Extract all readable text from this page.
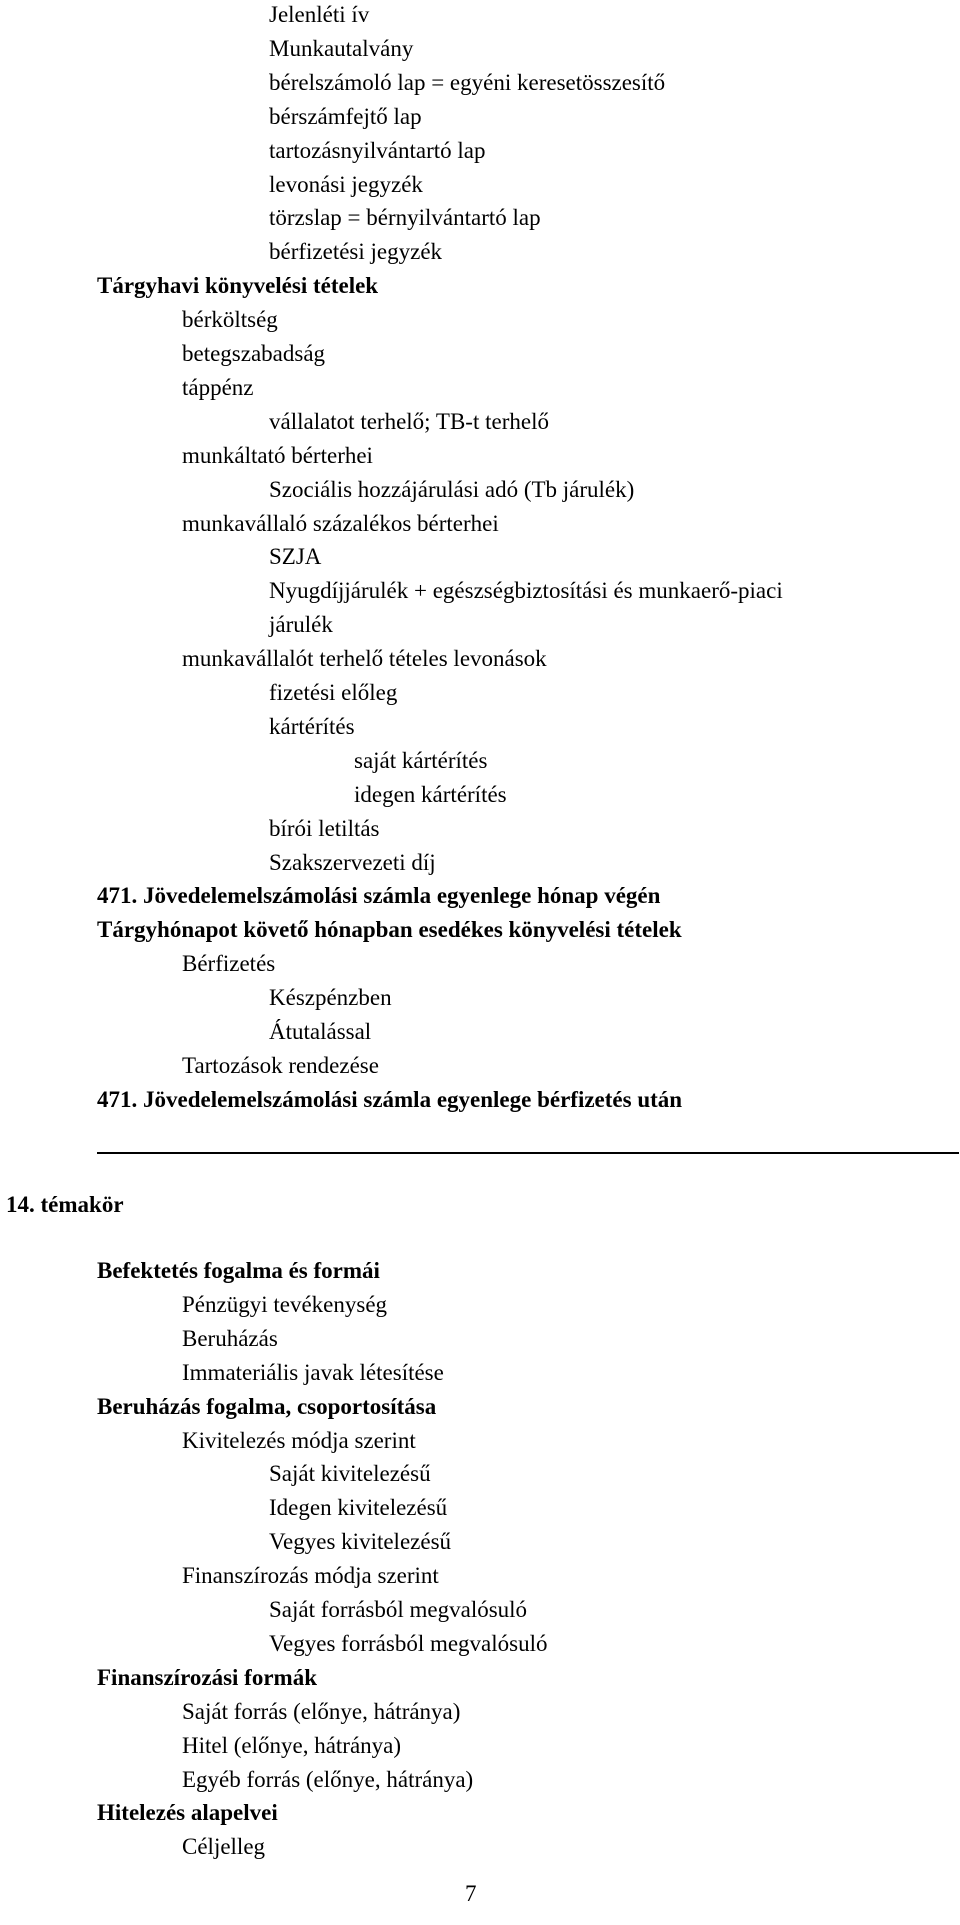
Jelenléti ív
Munkautalvány
bérelszámoló lap = egyéni keresetösszesítő
bérszámfejtő lap
tartozásnyilvántartó lap
levonási jegyzék
törzslap = bérnyilvántartó lap
bérfizetési jegyzék
Tárgyhavi könyvelési tételek
bérköltség
betegszabadság
táppénz
vállalatot terhelő; TB-t terhelő
munkáltató bérterhei
Szociális hozzájárulási adó (Tb járulék)
munkavállaló százalékos bérterhei
SZJA
Nyugdíjjárulék + egészségbiztosítási és munkaerő-piaci
járulék
munkavállalót terhelő tételes levonások
fizetési előleg
kártérítés
saját kártérítés
idegen kártérítés
bírói letiltás
Szakszervezeti díj
471. Jövedelemelszámolási számla egyenlege hónap végén
Tárgyhónapot követő hónapban esedékes könyvelési tételek
Bérfizetés
Készpénzben
Átutalással
Tartozások rendezése
471. Jövedelemelszámolási számla egyenlege bérfizetés után
14. témakör
Befektetés fogalma és formái
Pénzügyi tevékenység
Beruházás
Immateriális javak létesítése
Beruházás fogalma, csoportosítása
Kivitelezés módja szerint
Saját kivitelezésű
Idegen kivitelezésű
Vegyes kivitelezésű
Finanszírozás módja szerint
Saját forrásból megvalósuló
Vegyes forrásból megvalósuló
Finanszírozási formák
Saját forrás (előnye, hátránya)
Hitel (előnye, hátránya)
Egyéb forrás (előnye, hátránya)
Hitelezés alapelvei
Céljelleg
7
